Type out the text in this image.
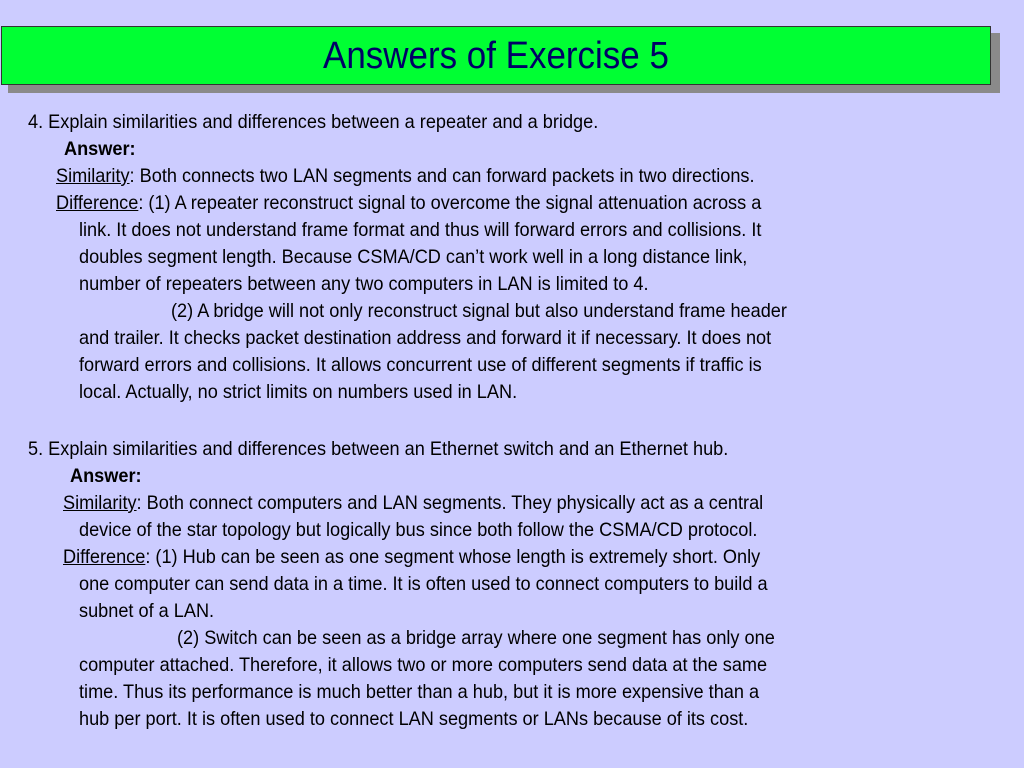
Answers of Exercise 5
4. Explain similarities and differences between a repeater and a bridge.
Answer:
Similarity: Both connects two LAN segments and can forward packets in two directions.
Difference: (1) A repeater reconstruct signal to overcome the signal attenuation across a
link. It does not understand frame format and thus will forward errors and collisions. It
doubles segment length. Because CSMA/CD can’t work well in a long distance link,
number of repeaters between any two computers in LAN is limited to 4.
(2) A bridge will not only reconstruct signal but also understand frame header
and trailer. It checks packet destination address and forward it if necessary. It does not
forward errors and collisions. It allows concurrent use of different segments if traffic is
local. Actually, no strict limits on numbers used in LAN.
5. Explain similarities and differences between an Ethernet switch and an Ethernet hub.
Answer:
Similarity: Both connect computers and LAN segments. They physically act as a central
device of the star topology but logically bus since both follow the CSMA/CD protocol.
Difference: (1) Hub can be seen as one segment whose length is extremely short. Only
one computer can send data in a time. It is often used to connect computers to build a
subnet of a LAN.
(2) Switch can be seen as a bridge array where one segment has only one
computer attached. Therefore, it allows two or more computers send data at the same
time. Thus its performance is much better than a hub, but it is more expensive than a
hub per port. It is often used to connect LAN segments or LANs because of its cost.
